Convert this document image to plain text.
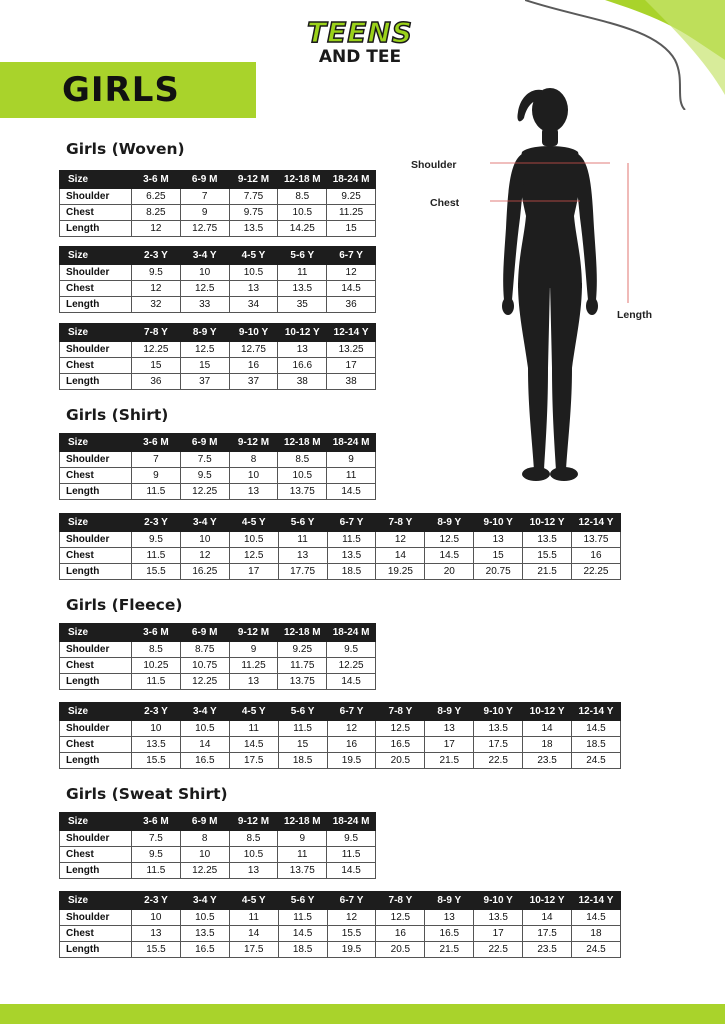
TEENS
AND TEE
GIRLS
Girls (Woven)
Girls (Shirt)
Girls (Fleece)
Girls (Sweat Shirt)
Size	3-6 M	6-9 M	9-12 M	12-18 M	18-24 M
Shoulder	6.25	7	7.75	8.5	9.25
Chest	8.25	9	9.75	10.5	11.25
Length	12	12.75	13.5	14.25	15
Size	2-3 Y	3-4 Y	4-5 Y	5-6 Y	6-7 Y
Shoulder	9.5	10	10.5	11	12
Chest	12	12.5	13	13.5	14.5
Length	32	33	34	35	36
Size	7-8 Y	8-9 Y	9-10 Y	10-12 Y	12-14 Y
Shoulder	12.25	12.5	12.75	13	13.25
Chest	15	15	16	16.6	17
Length	36	37	37	38	38
Size	3-6 M	6-9 M	9-12 M	12-18 M	18-24 M
Shoulder	7	7.5	8	8.5	9
Chest	9	9.5	10	10.5	11
Length	11.5	12.25	13	13.75	14.5
Size	2-3 Y	3-4 Y	4-5 Y	5-6 Y	6-7 Y	7-8 Y	8-9 Y	9-10 Y	10-12 Y	12-14 Y
Shoulder	9.5	10	10.5	11	11.5	12	12.5	13	13.5	13.75
Chest	11.5	12	12.5	13	13.5	14	14.5	15	15.5	16
Length	15.5	16.25	17	17.75	18.5	19.25	20	20.75	21.5	22.25
Size	3-6 M	6-9 M	9-12 M	12-18 M	18-24 M
Shoulder	8.5	8.75	9	9.25	9.5
Chest	10.25	10.75	11.25	11.75	12.25
Length	11.5	12.25	13	13.75	14.5
Size	2-3 Y	3-4 Y	4-5 Y	5-6 Y	6-7 Y	7-8 Y	8-9 Y	9-10 Y	10-12 Y	12-14 Y
Shoulder	10	10.5	11	11.5	12	12.5	13	13.5	14	14.5
Chest	13.5	14	14.5	15	16	16.5	17	17.5	18	18.5
Length	15.5	16.5	17.5	18.5	19.5	20.5	21.5	22.5	23.5	24.5
Size	3-6 M	6-9 M	9-12 M	12-18 M	18-24 M
Shoulder	7.5	8	8.5	9	9.5
Chest	9.5	10	10.5	11	11.5
Length	11.5	12.25	13	13.75	14.5
Size	2-3 Y	3-4 Y	4-5 Y	5-6 Y	6-7 Y	7-8 Y	8-9 Y	9-10 Y	10-12 Y	12-14 Y
Shoulder	10	10.5	11	11.5	12	12.5	13	13.5	14	14.5
Chest	13	13.5	14	14.5	15.5	16	16.5	17	17.5	18
Length	15.5	16.5	17.5	18.5	19.5	20.5	21.5	22.5	23.5	24.5
Shoulder
Chest
Length
